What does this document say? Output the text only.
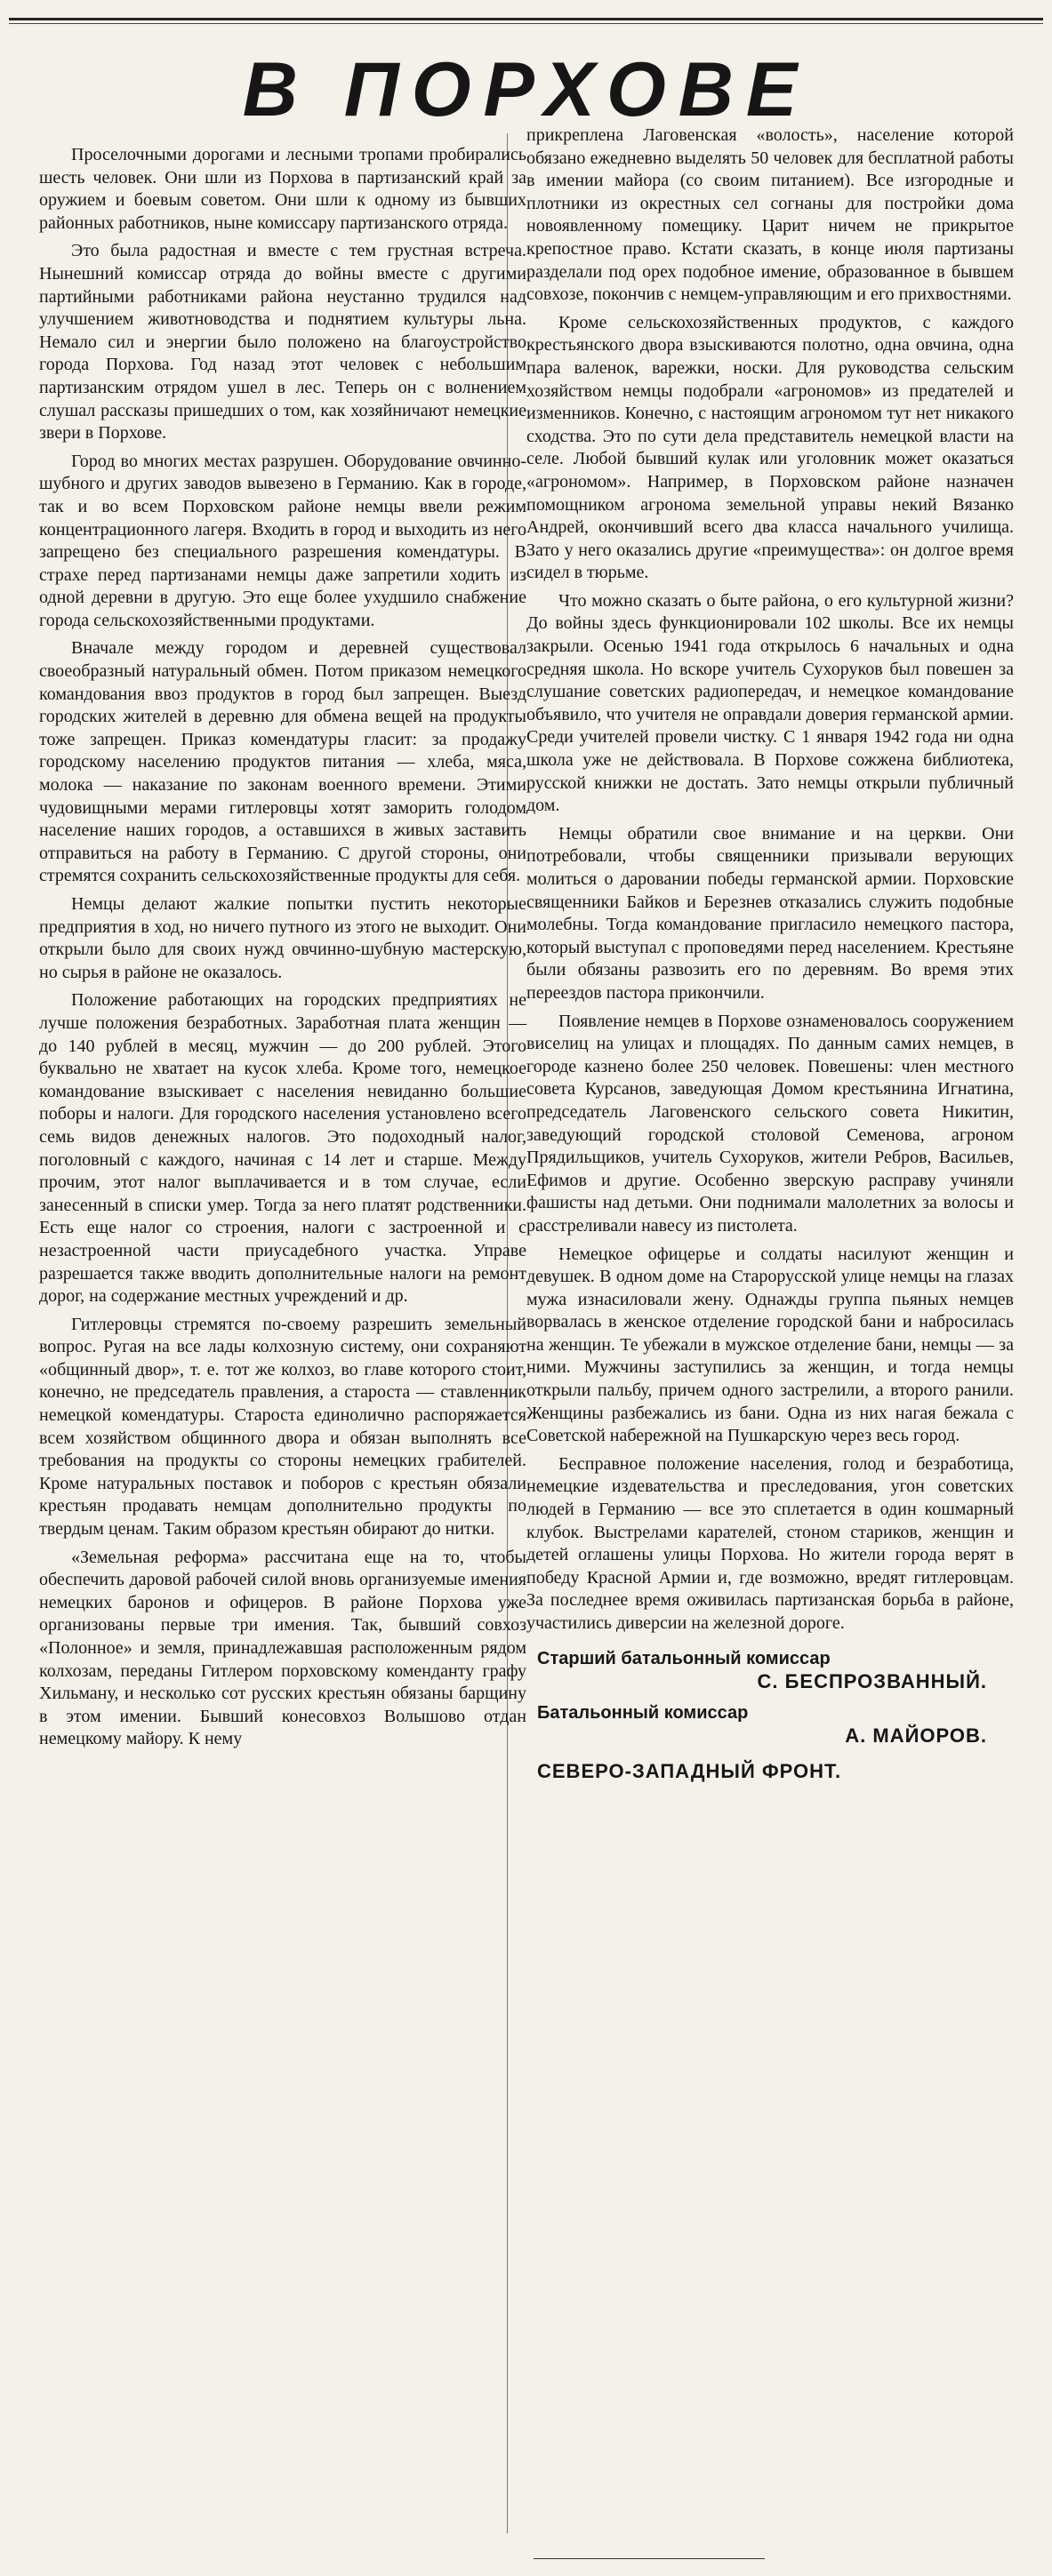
В ПОРХОВЕ

Проселочными дорогами и лесными тропами пробирались шесть человек. Они шли из Порхова в партизанский край за оружием и боевым советом. Они шли к одному из бывших районных работников, ныне комиссару партизанского отряда.

Это была радостная и вместе с тем грустная встреча. Нынешний комиссар отряда до войны вместе с другими партийными работниками района неустанно трудился над улучшением животноводства и поднятием культуры льна. Немало сил и энергии было положено на благоустройство города Порхова. Год назад этот человек с небольшим партизанским отрядом ушел в лес. Теперь он с волнением слушал рассказы пришедших о том, как хозяйничают немецкие звери в Порхове.

Город во многих местах разрушен. Оборудование овчинно-шубного и других заводов вывезено в Германию. Как в городе, так и во всем Порховском районе немцы ввели режим концентрационного лагеря. Входить в город и выходить из него запрещено без специального разрешения комендатуры. В страхе перед партизанами немцы даже запретили ходить из одной деревни в другую. Это еще более ухудшило снабжение города сельскохозяйственными продуктами.

Вначале между городом и деревней существовал своеобразный натуральный обмен. Потом приказом немецкого командования ввоз продуктов в город был запрещен. Выезд городских жителей в деревню для обмена вещей на продукты тоже запрещен. Приказ комендатуры гласит: за продажу городскому населению продуктов питания — хлеба, мяса, молока — наказание по законам военного времени. Этими чудовищными мерами гитлеровцы хотят заморить голодом население наших городов, а оставшихся в живых заставить отправиться на работу в Германию. С другой стороны, они стремятся сохранить сельскохозяйственные продукты для себя.

Немцы делают жалкие попытки пустить некоторые предприятия в ход, но ничего путного из этого не выходит. Они открыли было для своих нужд овчинно-шубную мастерскую, но сырья в районе не оказалось.

Положение работающих на городских предприятиях не лучше положения безработных. Заработная плата женщин — до 140 рублей в месяц, мужчин — до 200 рублей. Этого буквально не хватает на кусок хлеба. Кроме того, немецкое командование взыскивает с населения невиданно большие поборы и налоги. Для городского населения установлено всего семь видов денежных налогов. Это подоходный налог, поголовный с каждого, начиная с 14 лет и старше. Между прочим, этот налог выплачивается и в том случае, если занесенный в списки умер. Тогда за него платят родственники. Есть еще налог со строения, налоги с застроенной и с незастроенной части приусадебного участка. Управе разрешается также вводить дополнительные налоги на ремонт дорог, на содержание местных учреждений и др.

Гитлеровцы стремятся по-своему разрешить земельный вопрос. Ругая на все лады колхозную систему, они сохраняют «общинный двор», т. е. тот же колхоз, во главе которого стоит, конечно, не председатель правления, а староста — ставленник немецкой комендатуры. Староста единолично распоряжается всем хозяйством общинного двора и обязан выполнять все требования на продукты со стороны немецких грабителей. Кроме натуральных поставок и поборов с крестьян обязали крестьян продавать немцам дополнительно продукты по твердым ценам. Таким образом крестьян обирают до нитки.

«Земельная реформа» рассчитана еще на то, чтобы обеспечить даровой рабочей силой вновь организуемые имения немецких баронов и офицеров. В районе Порхова уже организованы первые три имения. Так, бывший совхоз «Полонное» и земля, принадлежавшая расположенным рядом колхозам, переданы Гитлером порховскому коменданту графу Хильману, и несколько сот русских крестьян обязаны барщину в этом имении. Бывший конесовхоз Волышово отдан немецкому майору. К нему

прикреплена Лаговенская «волость», население которой обязано ежедневно выделять 50 человек для бесплатной работы в имении майора (со своим питанием). Все изгородные и плотники из окрестных сел согнаны для постройки дома новоявленному помещику. Царит ничем не прикрытое крепостное право. Кстати сказать, в конце июля партизаны разделали под орех подобное имение, образованное в бывшем совхозе, покончив с немцем-управляющим и его прихвостнями.

Кроме сельскохозяйственных продуктов, с каждого крестьянского двора взыскиваются полотно, одна овчина, одна пара валенок, варежки, носки. Для руководства сельским хозяйством немцы подобрали «агрономов» из предателей и изменников. Конечно, с настоящим агрономом тут нет никакого сходства. Это по сути дела представитель немецкой власти на селе. Любой бывший кулак или уголовник может оказаться «агрономом». Например, в Порховском районе назначен помощником агронома земельной управы некий Вязанко Андрей, окончивший всего два класса начального училища. Зато у него оказались другие «преимущества»: он долгое время сидел в тюрьме.

Что можно сказать о быте района, о его культурной жизни? До войны здесь функционировали 102 школы. Все их немцы закрыли. Осенью 1941 года открылось 6 начальных и одна средняя школа. Но вскоре учитель Сухоруков был повешен за слушание советских радиопередач, и немецкое командование объявило, что учителя не оправдали доверия германской армии. Среди учителей провели чистку. С 1 января 1942 года ни одна школа уже не действовала. В Порхове сожжена библиотека, русской книжки не достать. Зато немцы открыли публичный дом.

Немцы обратили свое внимание и на церкви. Они потребовали, чтобы священники призывали верующих молиться о даровании победы германской армии. Порховские священники Байков и Березнев отказались служить подобные молебны. Тогда командование пригласило немецкого пастора, который выступал с проповедями перед населением. Крестьяне были обязаны развозить его по деревням. Во время этих переездов пастора прикончили.

Появление немцев в Порхове ознаменовалось сооружением виселиц на улицах и площадях. По данным самих немцев, в городе казнено более 250 человек. Повешены: член местного совета Курсанов, заведующая Домом крестьянина Игнатина, председатель Лаговенского сельского совета Никитин, заведующий городской столовой Семенова, агроном Прядильщиков, учитель Сухоруков, жители Ребров, Васильев, Ефимов и другие. Особенно зверскую расправу учиняли фашисты над детьми. Они поднимали малолетних за волосы и расстреливали навесу из пистолета.

Немецкое офицерье и солдаты насилуют женщин и девушек. В одном доме на Старорусской улице немцы на глазах мужа изнасиловали жену. Однажды группа пьяных немцев ворвалась в женское отделение городской бани и набросилась на женщин. Те убежали в мужское отделение бани, немцы — за ними. Мужчины заступились за женщин, и тогда немцы открыли пальбу, причем одного застрелили, а второго ранили. Женщины разбежались из бани. Одна из них нагая бежала с Советской набережной на Пушкарскую через весь город.

Бесправное положение населения, голод и безработица, немецкие издевательства и преследования, угон советских людей в Германию — все это сплетается в один кошмарный клубок. Выстрелами карателей, стоном стариков, женщин и детей оглашены улицы Порхова. Но жители города верят в победу Красной Армии и, где возможно, вредят гитлеровцам. За последнее время оживилась партизанская борьба в районе, участились диверсии на железной дороге.

Старший батальонный комиссар
С. БЕСПРОЗВАННЫЙ.
Батальонный комиссар
А. МАЙОРОВ.
СЕВЕРО-ЗАПАДНЫЙ ФРОНТ.
